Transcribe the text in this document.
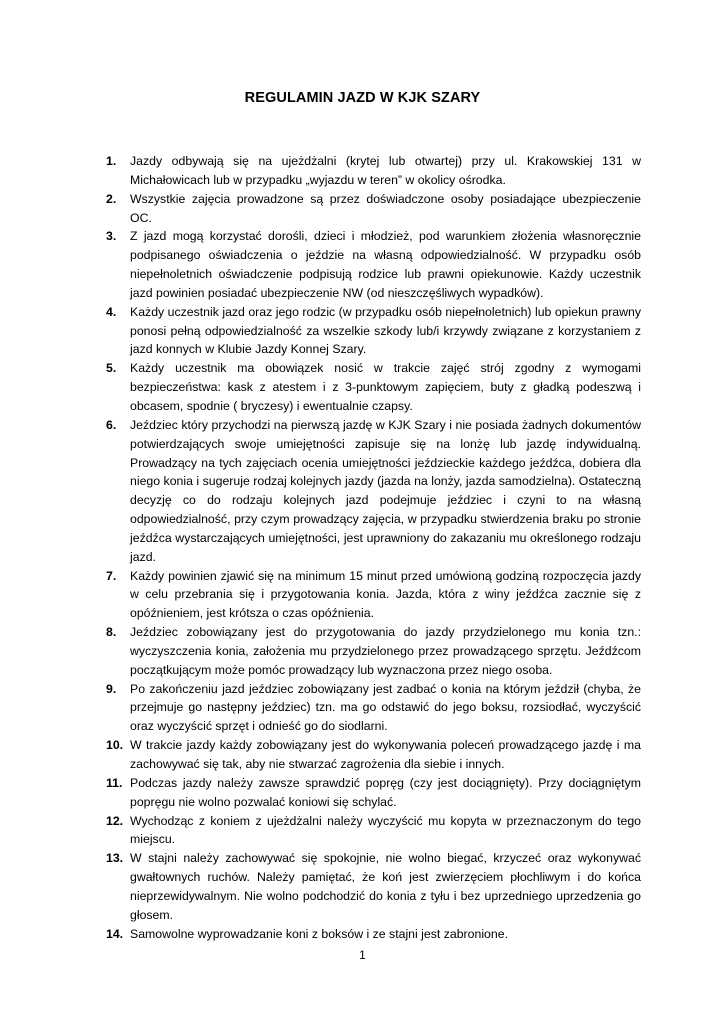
REGULAMIN JAZD W KJK SZARY
1. Jazdy odbywają się na ujeżdżalni (krytej lub otwartej) przy ul. Krakowskiej 131 w Michałowicach lub w przypadku „wyjazdu w teren” w okolicy ośrodka.
2. Wszystkie zajęcia prowadzone są przez doświadczone osoby posiadające ubezpieczenie OC.
3. Z jazd mogą korzystać dorośli, dzieci i młodzież, pod warunkiem złożenia własnoręcznie podpisanego oświadczenia o jeździe na własną odpowiedzialność. W przypadku osób niepełnoletnich oświadczenie podpisują rodzice lub prawni opiekunowie. Każdy uczestnik jazd powinien posiadać ubezpieczenie NW (od nieszczęśliwych wypadków).
4. Każdy uczestnik jazd oraz jego rodzic (w przypadku osób niepełnoletnich) lub opiekun prawny ponosi pełną odpowiedzialność za wszelkie szkody lub/i krzywdy związane z korzystaniem z jazd konnych w Klubie Jazdy Konnej Szary.
5. Każdy uczestnik ma obowiązek nosić w trakcie zajęć strój zgodny z wymogami bezpieczeństwa: kask z atestem i z 3-punktowym zapięciem, buty z gładką podeszwą i obcasem, spodnie ( bryczesy) i ewentualnie czapsy.
6. Jeździec który przychodzi na pierwszą jazdę w KJK Szary i nie posiada żadnych dokumentów potwierdzających swoje umiejętności zapisuje się na lonżę lub jazdę indywidualną. Prowadzący na tych zajęciach ocenia umiejętności jeździeckie każdego jeźdźca, dobiera dla niego konia i sugeruje rodzaj kolejnych jazdy (jazda na lonży, jazda samodzielna). Ostateczną decyzję co do rodzaju kolejnych jazd podejmuje jeździec i czyni to na własną odpowiedzialność, przy czym prowadzący zajęcia, w przypadku stwierdzenia braku po stronie jeźdźca wystarczających umiejętności, jest uprawniony do zakazaniu mu określonego rodzaju jazd.
7. Każdy powinien zjawić się na minimum 15 minut przed umówioną godziną rozpoczęcia jazdy w celu przebrania się i przygotowania konia. Jazda, która z winy jeźdźca zacznie się z opóźnieniem, jest krótsza o czas opóźnienia.
8. Jeździec zobowiązany jest do przygotowania do jazdy przydzielonego mu konia tzn.: wyczyszczenia konia, założenia mu przydzielonego przez prowadzącego sprzętu. Jeźdźcom początkującym może pomóc prowadzący lub wyznaczona przez niego osoba.
9. Po zakończeniu jazd jeździec zobowiązany jest zadbać o konia na którym jeździł (chyba, że przejmuje go następny jeździec) tzn. ma go odstawić do jego boksu, rozsiodłać, wyczyścić oraz wyczyścić sprzęt i odnieść go do siodlarni.
10. W trakcie jazdy każdy zobowiązany jest do wykonywania poleceń prowadzącego jazdę i ma zachowywać się tak, aby nie stwarzać zagrożenia dla siebie i innych.
11. Podczas jazdy należy zawsze sprawdzić popręg (czy jest dociągnięty). Przy dociągniętym popręgu nie wolno pozwalać koniowi się schylać.
12. Wychodząc z koniem z ujeżdżalni należy wyczyścić mu kopyta w przeznaczonym do tego miejscu.
13. W stajni należy zachowywać się spokojnie, nie wolno biegać, krzyczeć oraz wykonywać gwałtownych ruchów. Należy pamiętać, że koń jest zwierzęciem płochliwym i do końca nieprzewidywalnym. Nie wolno podchodzić do konia z tyłu i bez uprzedniego uprzedzenia go głosem.
14. Samowolne wyprowadzanie koni z boksów i ze stajni jest zabronione.
1
